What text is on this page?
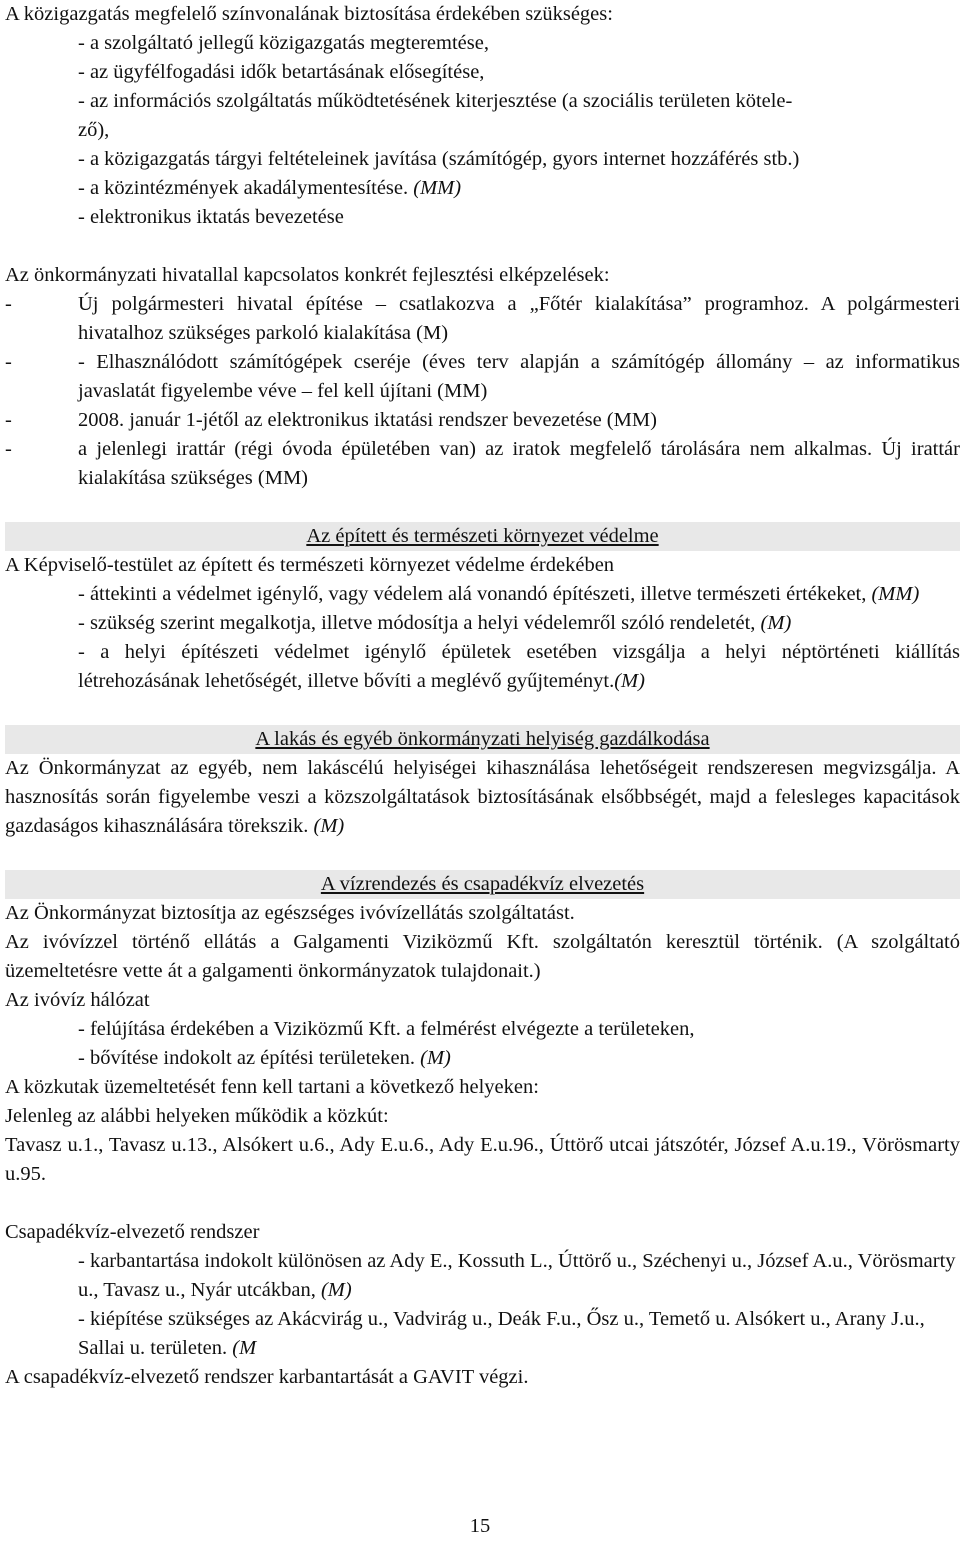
A közigazgatás megfelelő színvonalának biztosítása érdekében szükséges:

- a szolgáltató jellegű közigazgatás megteremtése,

- az ügyfélfogadási idők betartásának elősegítése,

- az információs szolgáltatás működtetésének kiterjesztése (a szociális területen kötele-

ző),

- a közigazgatás tárgyi feltételeinek javítása (számítógép, gyors internet hozzáférés stb.)

- a közintézmények akadálymentesítése. (MM)

- elektronikus iktatás bevezetése

Az önkormányzati hivatallal kapcsolatos konkrét fejlesztési elképzelések:

-	Új polgármesteri hivatal építése – csatlakozva a „Főtér kialakítása” programhoz. A polgármesteri hivatalhoz szükséges parkoló kialakítása (M)
-	- Elhasználódott számítógépek cseréje (éves terv alapján a számítógép állomány – az informatikus javaslatát figyelembe véve – fel kell újítani (MM)
-	2008. január 1-jétől az elektronikus iktatási rendszer bevezetése (MM)
-	a jelenlegi irattár (régi óvoda épületében van) az iratok megfelelő tárolására nem alkalmas. Új irattár kialakítása szükséges (MM)
Az épített és természeti környezet védelme

A Képviselő-testület az épített és természeti környezet védelme érdekében

- áttekinti a védelmet igénylő, vagy védelem alá vonandó építészeti, illetve természeti értékeket, (MM)

- szükség szerint megalkotja, illetve módosítja a helyi védelemről szóló rendeletét, (M)

- a helyi építészeti védelmet igénylő épületek esetében vizsgálja a helyi néptörténeti kiállítás létrehozásának lehetőségét, illetve bővíti a meglévő gyűjteményt.(M)

A lakás és egyéb önkormányzati helyiség gazdálkodása

Az Önkormányzat az egyéb, nem lakáscélú helyiségei kihasználása lehetőségeit rendszeresen megvizsgálja. A hasznosítás során figyelembe veszi a közszolgáltatások biztosításának elsőbbségét, majd a felesleges kapacitások gazdaságos kihasználására törekszik. (M)

A vízrendezés és csapadékvíz elvezetés

Az Önkormányzat biztosítja az egészséges ivóvízellátás szolgáltatást.

Az ivóvízzel történő ellátás a Galgamenti Viziközmű Kft. szolgáltatón keresztül történik. (A szolgáltató üzemeltetésre vette át a galgamenti önkormányzatok tulajdonait.)

Az ivóvíz hálózat

- felújítása érdekében a Viziközmű Kft. a felmérést elvégezte a területeken,

- bővítése indokolt az építési területeken. (M)

A közkutak üzemeltetését fenn kell tartani a következő helyeken:

Jelenleg az alábbi helyeken működik a közkút:

Tavasz u.1., Tavasz u.13., Alsókert u.6., Ady E.u.6., Ady E.u.96., Úttörő utcai játszótér, József A.u.19., Vörösmarty u.95.

Csapadékvíz-elvezető rendszer

- karbantartása indokolt különösen az Ady E., Kossuth L., Úttörő u., Széchenyi u., József A.u., Vörösmarty u., Tavasz u., Nyár utcákban, (M)

- kiépítése szükséges az Akácvirág u., Vadvirág u., Deák F.u., Ősz u., Temető u. Alsókert u., Arany J.u., Sallai u. területen. (M

A csapadékvíz-elvezető rendszer karbantartását a GAVIT végzi.

15
